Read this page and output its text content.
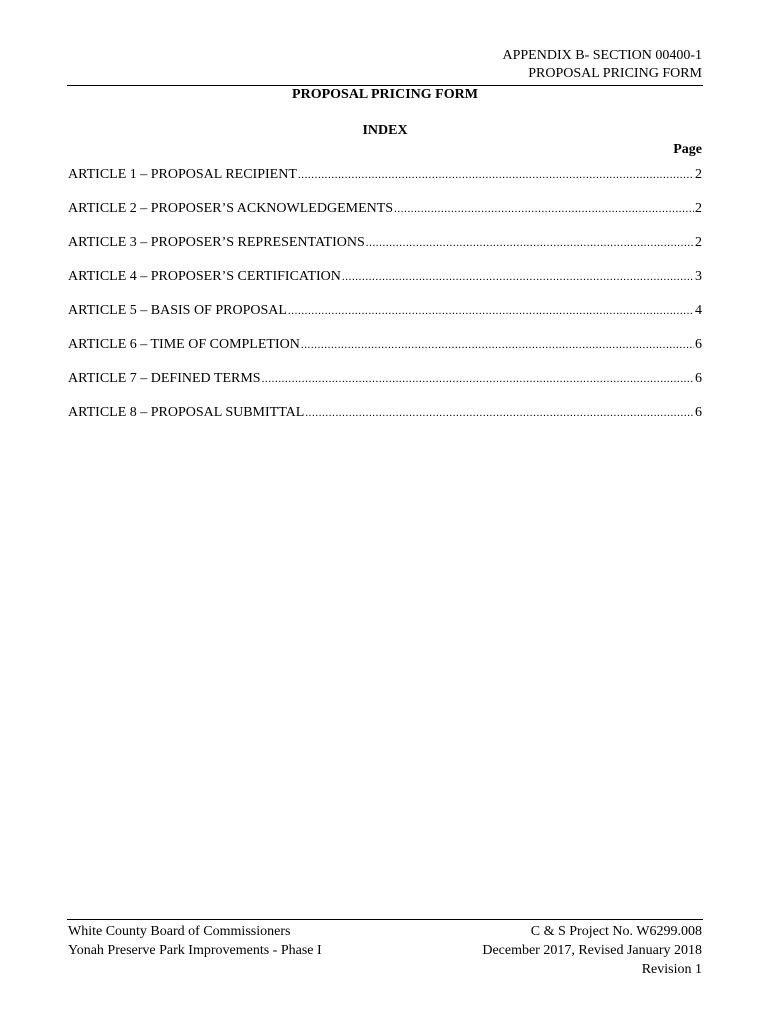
APPENDIX B- SECTION 00400-1
PROPOSAL PRICING FORM
PROPOSAL PRICING FORM
INDEX
Page
ARTICLE 1 – PROPOSAL RECIPIENT .....	2
ARTICLE 2 – PROPOSER’S ACKNOWLEDGEMENTS .....	2
ARTICLE 3 – PROPOSER’S REPRESENTATIONS .....	2
ARTICLE 4 – PROPOSER’S CERTIFICATION .....	3
ARTICLE 5 – BASIS OF PROPOSAL .....	4
ARTICLE 6 – TIME OF COMPLETION .....	6
ARTICLE 7 – DEFINED TERMS .....	6
ARTICLE 8 – PROPOSAL SUBMITTAL .....	6
White County Board of Commissioners
Yonah Preserve Park Improvements - Phase I
C & S Project No. W6299.008
December 2017, Revised January 2018
Revision 1
